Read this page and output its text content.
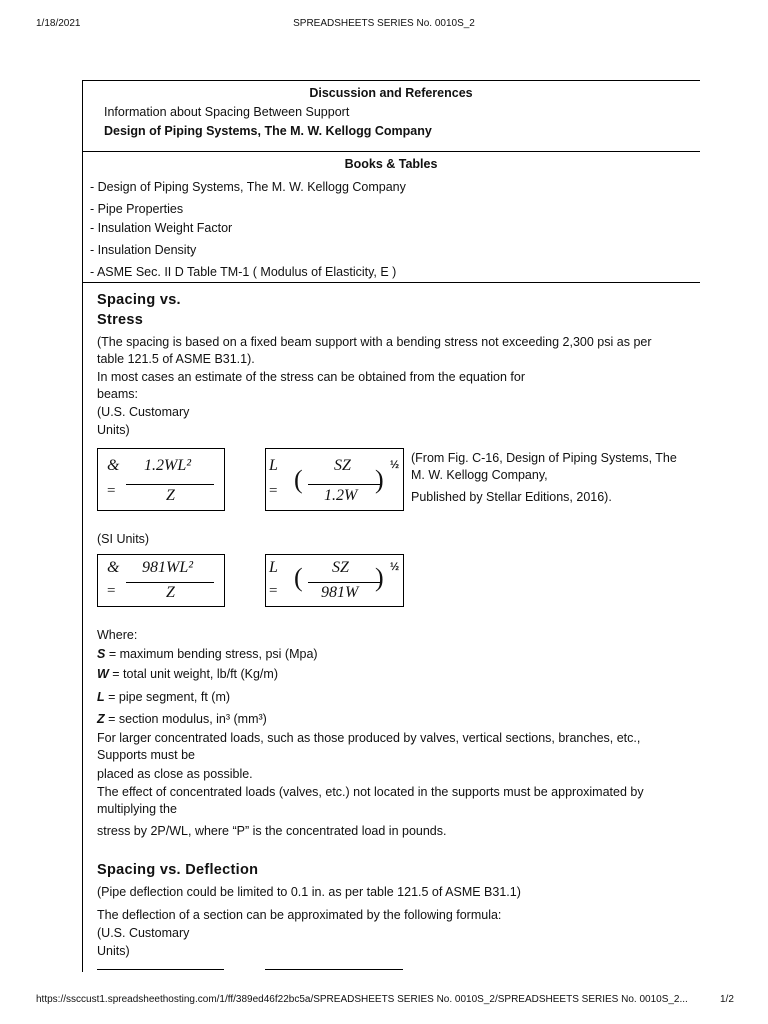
1/18/2021	SPREADSHEETS SERIES No. 0010S_2
Discussion and References
Information about Spacing Between Support
Design of Piping Systems, The M. W. Kellogg Company
Books & Tables
- Design of Piping Systems, The M. W. Kellogg Company
- Pipe Properties
- Insulation Weight Factor
- Insulation Density
- ASME Sec. II D Table TM-1 ( Modulus of Elasticity, E )
Spacing vs.
Stress
(The spacing is based on a fixed beam support with a bending stress not exceeding 2,300 psi as per
table 121.5 of ASME B31.1).
In most cases an estimate of the stress can be obtained from the equation for
beams:
(U.S. Customary
Units)
&
=
1.2WL²
Z
L
= ( SZ
1.2W
) ½ (From Fig. C-16, Design of Piping Systems, The
M. W. Kellogg Company,
Published by Stellar Editions, 2016).
(SI Units)
&
=
981WL²
Z
L
= ( SZ
981W
) ½
Where:
S = maximum bending stress, psi (Mpa)
W = total unit weight, lb/ft (Kg/m)
L = pipe segment, ft (m)
Z = section modulus, in³ (mm³)
For larger concentrated loads, such as those produced by valves, vertical sections, branches, etc.,
Supports must be
placed as close as possible.
The effect of concentrated loads (valves, etc.) not located in the supports must be approximated by
multiplying the
stress by 2P/WL, where “P” is the concentrated load in pounds.
Spacing vs. Deflection
(Pipe deflection could be limited to 0.1 in. as per table 121.5 of ASME B31.1)
The deflection of a section can be approximated by the following formula:
(U.S. Customary
Units)
https://ssccust1.spreadsheethosting.com/1/ff/389ed46f22bc5a/SPREADSHEETS SERIES No. 0010S_2/SPREADSHEETS SERIES No. 0010S_2...	1/2
